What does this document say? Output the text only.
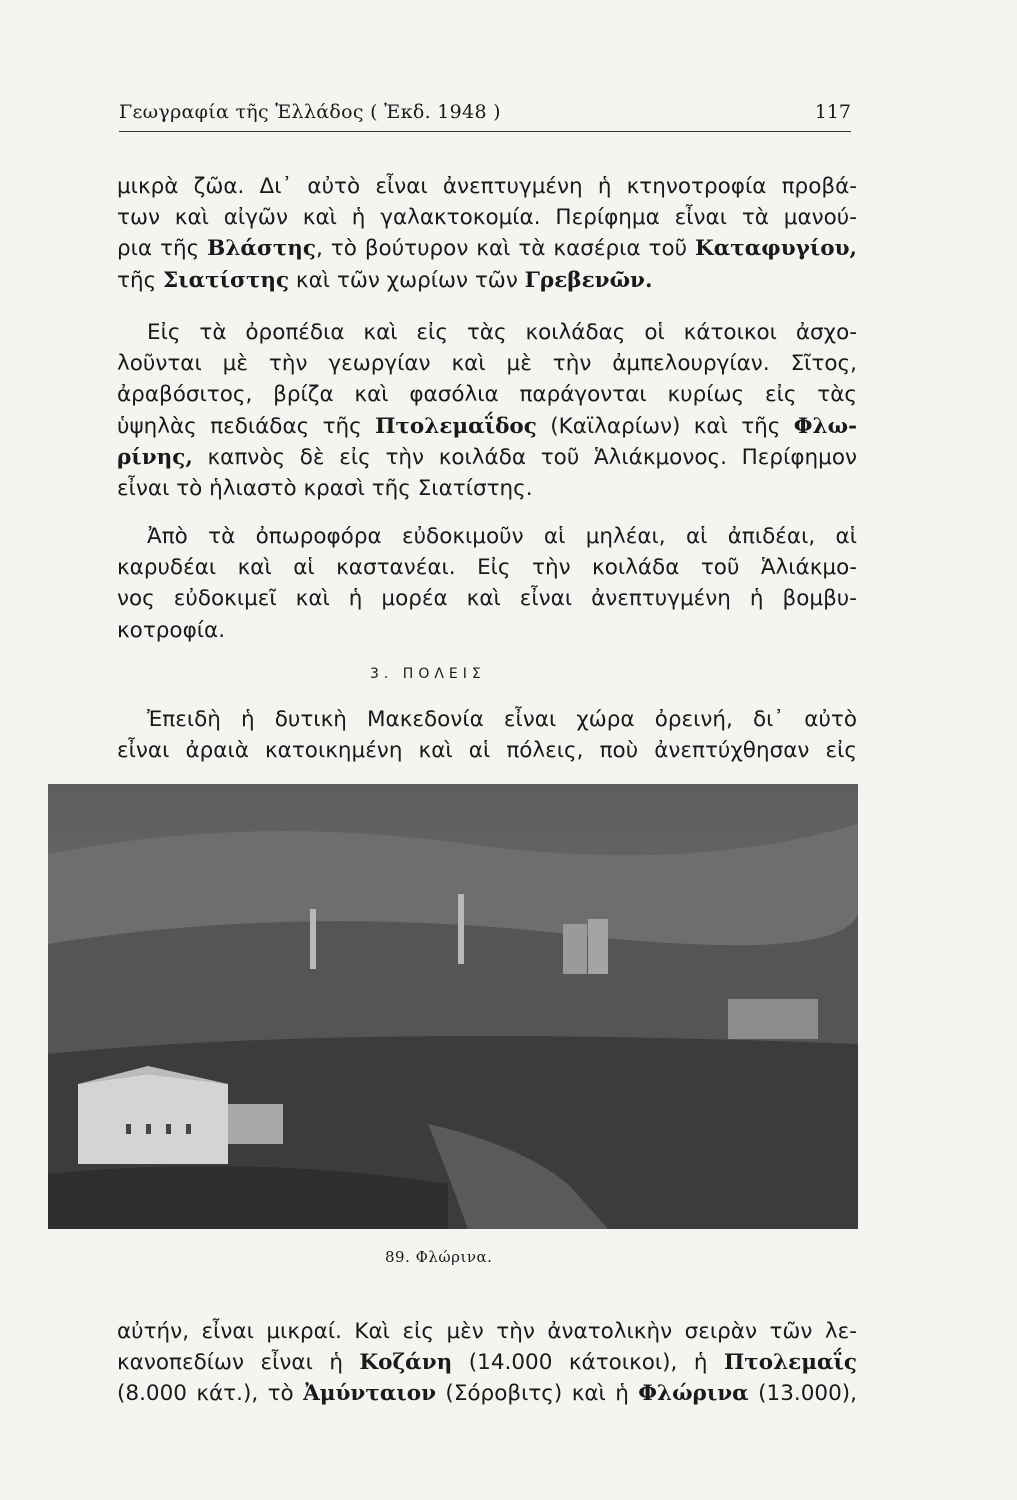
Γεωγραφία τῆς Ἑλλάδος ( Ἐκδ. 1948 )	117
μικρὰ ζῶα. Δι᾿ αὐτὸ εἶναι ἀνεπτυγμένη ἡ κτηνοτροφία προβά-
των καὶ αἰγῶν καὶ ἡ γαλακτοκομία. Περίφημα εἶναι τὰ μανού-
ρια τῆς Βλάστης, τὸ βούτυρον καὶ τὰ κασέρια τοῦ Καταφυγίου,
τῆς Σιατίστης καὶ τῶν χωρίων τῶν Γρεβενῶν.
Εἰς τὰ ὀροπέδια καὶ εἰς τὰς κοιλάδας οἱ κάτοικοι ἀσχο-
λοῦνται μὲ τὴν γεωργίαν καὶ μὲ τὴν ἀμπελουργίαν. Σῖτος,
ἀραβόσιτος, βρίζα καὶ φασόλια παράγονται κυρίως εἰς τὰς
ὑψηλὰς πεδιάδας τῆς Πτολεμαΐδος (Καϊλαρίων) καὶ τῆς Φλω-
ρίνης, καπνὸς δὲ εἰς τὴν κοιλάδα τοῦ Ἁλιάκμονος. Περίφημον
εἶναι τὸ ἡλιαστὸ κρασὶ τῆς Σιατίστης.
Ἀπὸ τὰ ὀπωροφόρα εὐδοκιμοῦν αἱ μηλέαι, αἱ ἀπιδέαι, αἱ
καρυδέαι καὶ αἱ καστανέαι. Εἰς τὴν κοιλάδα τοῦ Ἁλιάκμο-
νος εὐδοκιμεῖ καὶ ἡ μορέα καὶ εἶναι ἀνεπτυγμένη ἡ βομβυ-
κοτροφία.
3. ΠΟΛΕΙΣ
Ἐπειδὴ ἡ δυτικὴ Μακεδονία εἶναι χώρα ὀρεινή, δι᾿ αὐτὸ
εἶναι ἀραιὰ κατοικημένη καὶ αἱ πόλεις, ποὺ ἀνεπτύχθησαν εἰς
89. Φλώρινα.
αὐτήν, εἶναι μικραί. Καὶ εἰς μὲν τὴν ἀνατολικὴν σειρὰν τῶν λε-
κανοπεδίων εἶναι ἡ Κοζάνη (14.000 κάτοικοι), ἡ Πτολεμαΐς
(8.000 κάτ.), τὸ Ἀμύνταιον (Σόροβιτς) καὶ ἡ Φλώρινα (13.000),
